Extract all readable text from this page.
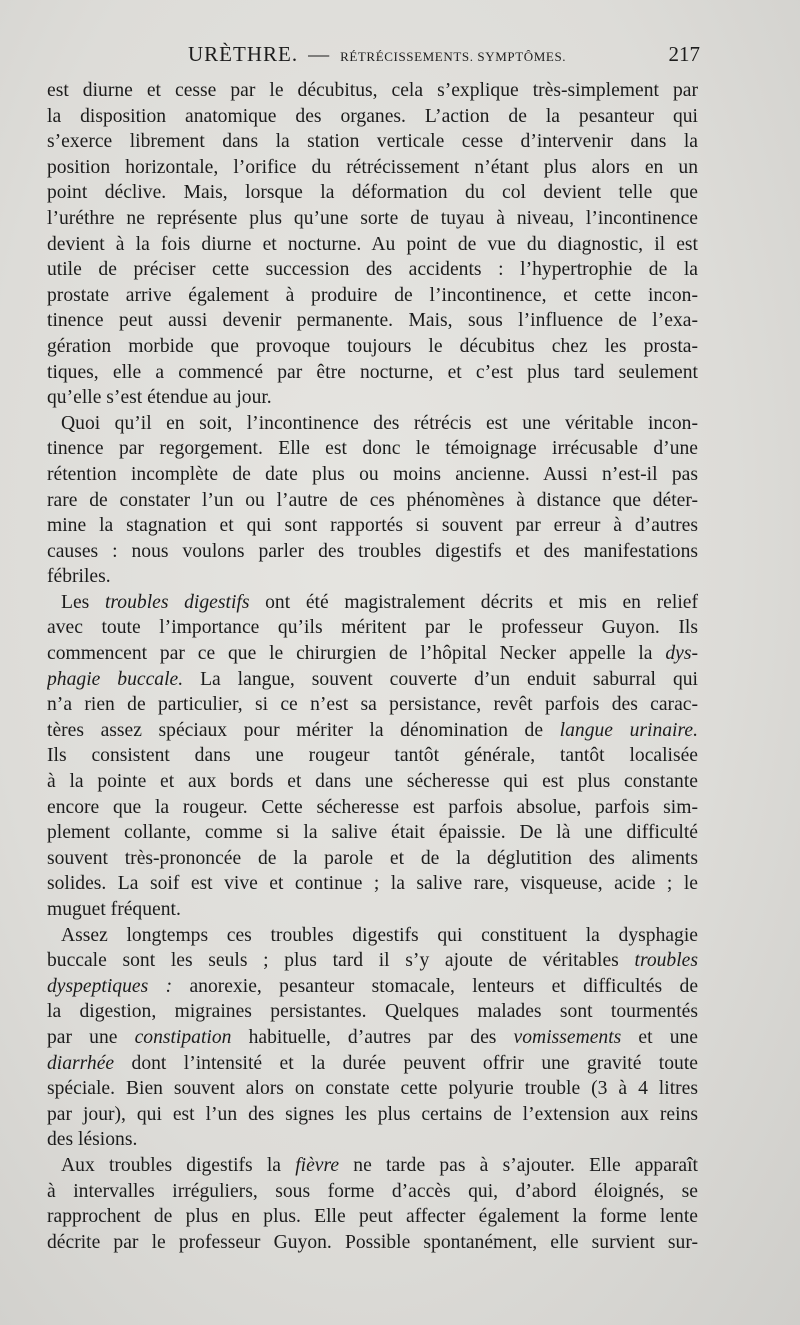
URÈTHRE. — RÉTRÉCISSEMENTS. SYMPTÔMES.	217
est diurne et cesse par le décubitus, cela s’explique très-simplement par
la disposition anatomique des organes. L’action de la pesanteur qui
s’exerce librement dans la station verticale cesse d’intervenir dans la
position horizontale, l’orifice du rétrécissement n’étant plus alors en un
point déclive. Mais, lorsque la déformation du col devient telle que
l’uréthre ne représente plus qu’une sorte de tuyau à niveau, l’incontinence
devient à la fois diurne et nocturne. Au point de vue du diagnostic, il est
utile de préciser cette succession des accidents : l’hypertrophie de la
prostate arrive également à produire de l’incontinence, et cette incon-
tinence peut aussi devenir permanente. Mais, sous l’influence de l’exa-
gération morbide que provoque toujours le décubitus chez les prosta-
tiques, elle a commencé par être nocturne, et c’est plus tard seulement
qu’elle s’est étendue au jour.
Quoi qu’il en soit, l’incontinence des rétrécis est une véritable incon-
tinence par regorgement. Elle est donc le témoignage irrécusable d’une
rétention incomplète de date plus ou moins ancienne. Aussi n’est-il pas
rare de constater l’un ou l’autre de ces phénomènes à distance que déter-
mine la stagnation et qui sont rapportés si souvent par erreur à d’autres
causes : nous voulons parler des troubles digestifs et des manifestations
fébriles.
Les troubles digestifs ont été magistralement décrits et mis en relief
avec toute l’importance qu’ils méritent par le professeur Guyon. Ils
commencent par ce que le chirurgien de l’hôpital Necker appelle la dys-
phagie buccale. La langue, souvent couverte d’un enduit saburral qui
n’a rien de particulier, si ce n’est sa persistance, revêt parfois des carac-
tères assez spéciaux pour mériter la dénomination de langue urinaire.
Ils consistent dans une rougeur tantôt générale, tantôt localisée
à la pointe et aux bords et dans une sécheresse qui est plus constante
encore que la rougeur. Cette sécheresse est parfois absolue, parfois sim-
plement collante, comme si la salive était épaissie. De là une difficulté
souvent très-prononcée de la parole et de la déglutition des aliments
solides. La soif est vive et continue ; la salive rare, visqueuse, acide ; le
muguet fréquent.
Assez longtemps ces troubles digestifs qui constituent la dysphagie
buccale sont les seuls ; plus tard il s’y ajoute de véritables troubles
dyspeptiques : anorexie, pesanteur stomacale, lenteurs et difficultés de
la digestion, migraines persistantes. Quelques malades sont tourmentés
par une constipation habituelle, d’autres par des vomissements et une
diarrhée dont l’intensité et la durée peuvent offrir une gravité toute
spéciale. Bien souvent alors on constate cette polyurie trouble (3 à 4 litres
par jour), qui est l’un des signes les plus certains de l’extension aux reins
des lésions.
Aux troubles digestifs la fièvre ne tarde pas à s’ajouter. Elle apparaît
à intervalles irréguliers, sous forme d’accès qui, d’abord éloignés, se
rapprochent de plus en plus. Elle peut affecter également la forme lente
décrite par le professeur Guyon. Possible spontanément, elle survient sur-
